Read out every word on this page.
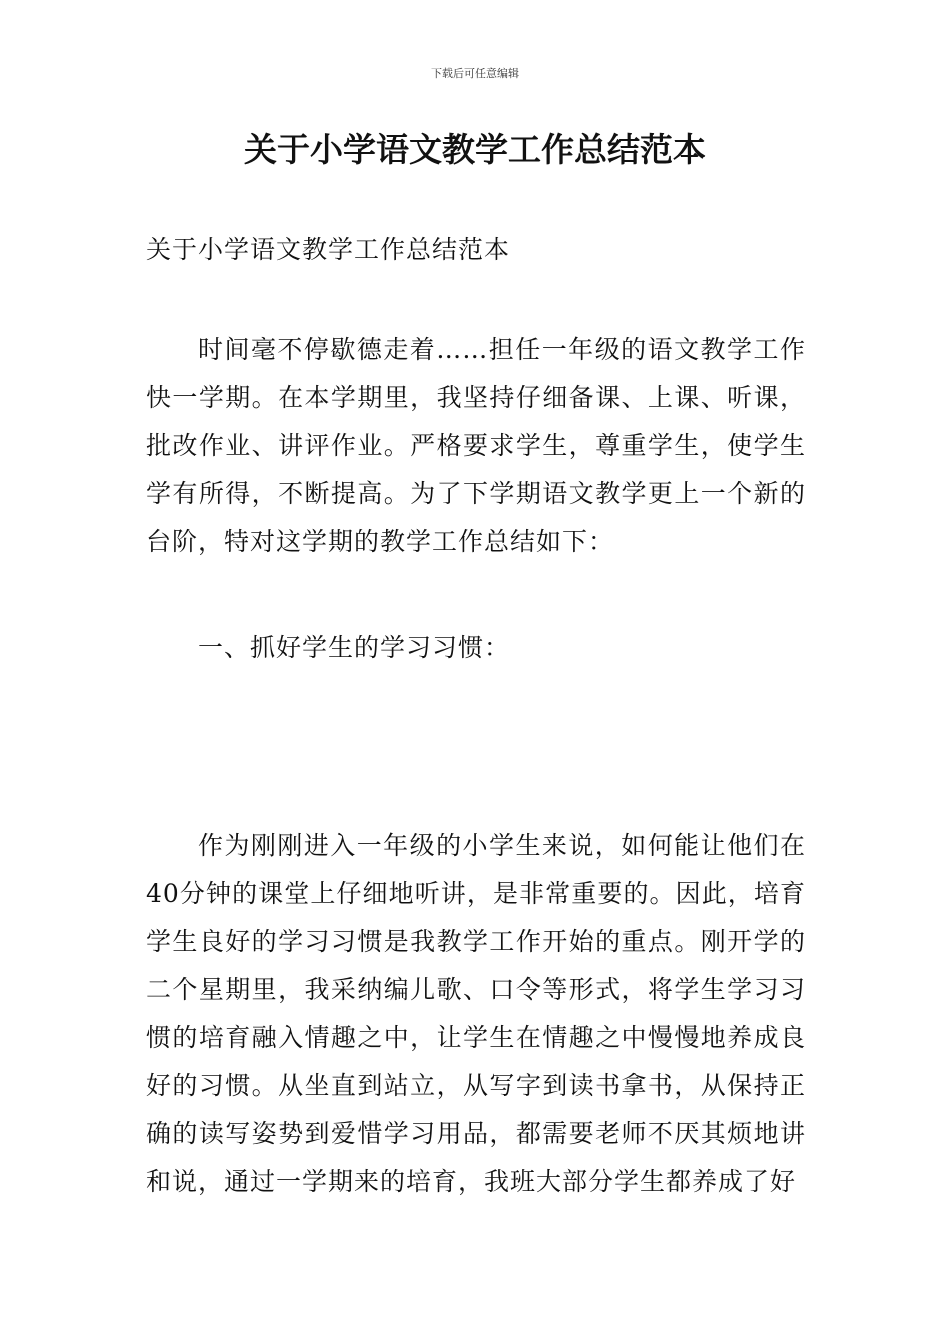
下载后可任意编辑
关于小学语文教学工作总结范本

关于小学语文教学工作总结范本

时间毫不停歇德走着……担任一年级的语文教学工作快一学期。在本学期里，我坚持仔细备课、上课、听课，批改作业、讲评作业。严格要求学生，尊重学生，使学生学有所得，不断提高。为了下学期语文教学更上一个新的台阶，特对这学期的教学工作总结如下：

一、抓好学生的学习习惯：

作为刚刚进入一年级的小学生来说，如何能让他们在40分钟的课堂上仔细地听讲，是非常重要的。因此，培育学生良好的学习习惯是我教学工作开始的重点。刚开学的二个星期里，我采纳编儿歌、口令等形式，将学生学习习惯的培育融入情趣之中，让学生在情趣之中慢慢地养成良好的习惯。从坐直到站立，从写字到读书拿书，从保持正确的读写姿势到爱惜学习用品，都需要老师不厌其烦地讲和说，通过一学期来的培育，我班大部分学生都养成了好
